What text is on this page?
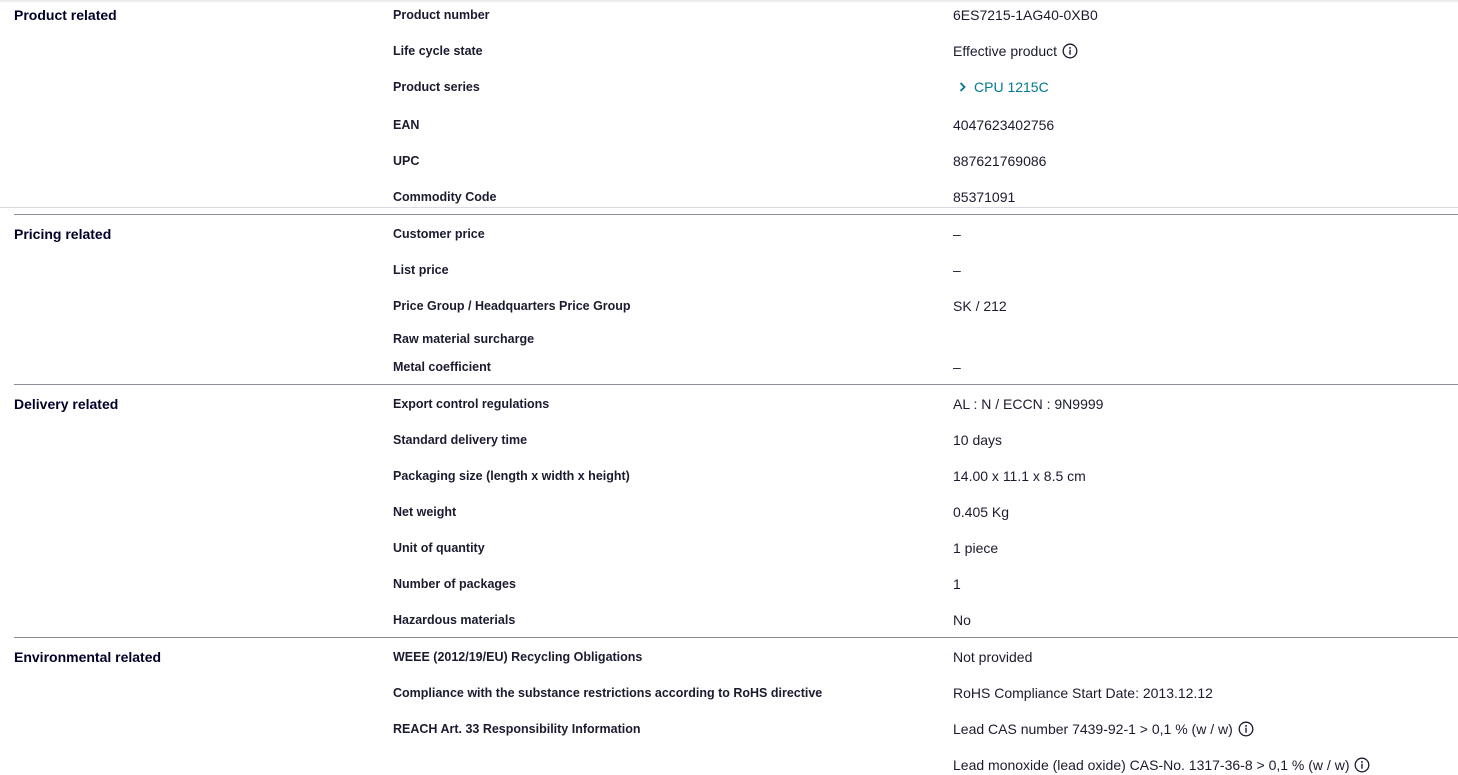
Product related	Product number	6ES7215-1AG40-0XB0
Life cycle state	Effective product
Product series	CPU 1215C
EAN	4047623402756
UPC	887621769086
Commodity Code	85371091
Pricing related	Customer price	–
List price	–
Price Group / Headquarters Price Group	SK / 212
Raw material surcharge
Metal coefficient	–
Delivery related	Export control regulations	AL : N / ECCN : 9N9999
Standard delivery time	10 days
Packaging size (length x width x height)	14.00 x 11.1 x 8.5 cm
Net weight	0.405 Kg
Unit of quantity	1 piece
Number of packages	1
Hazardous materials	No
Environmental related	WEEE (2012/19/EU) Recycling Obligations	Not provided
Compliance with the substance restrictions according to RoHS directive	RoHS Compliance Start Date: 2013.12.12
REACH Art. 33 Responsibility Information	Lead CAS number 7439-92-1 > 0,1 % (w / w)
Lead monoxide (lead oxide) CAS-No. 1317-36-8 > 0,1 % (w / w)
